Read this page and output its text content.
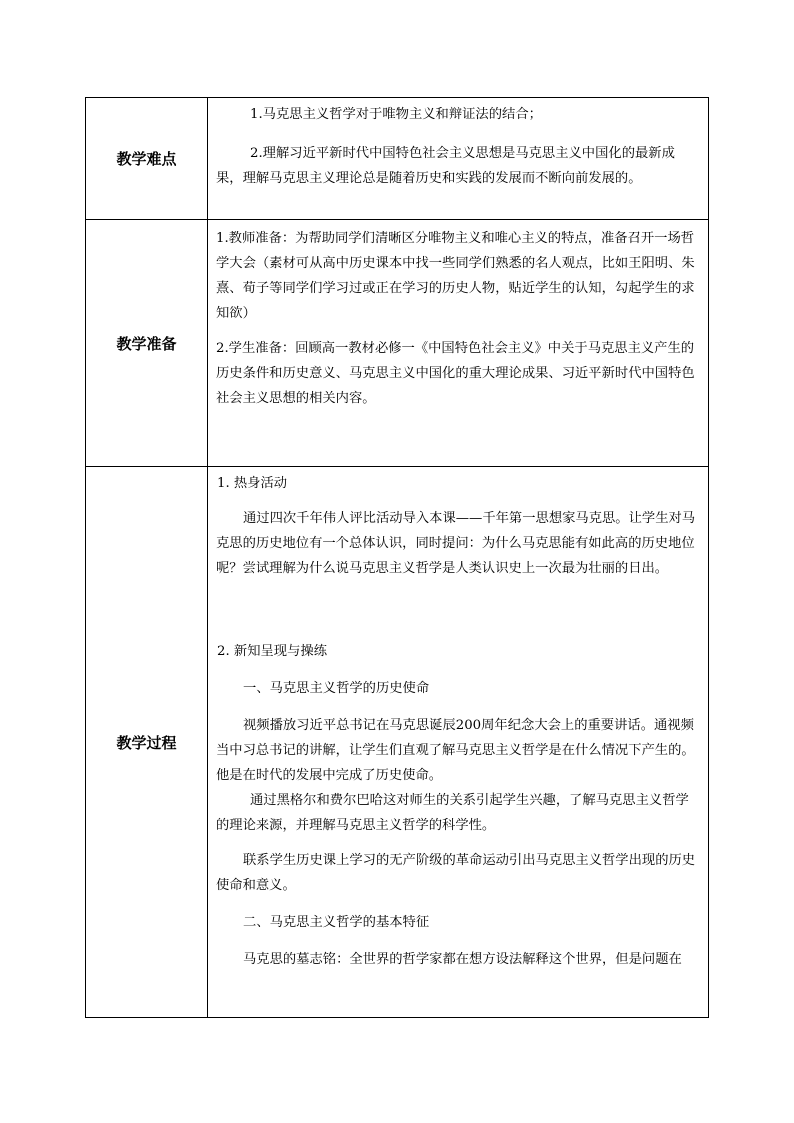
教学难点

1.马克思主义哲学对于唯物主义和辩证法的结合；

2.理解习近平新时代中国特色社会主义思想是马克思主义中国化的最新成果，理解马克思主义理论总是随着历史和实践的发展而不断向前发展的。

教学准备

1.教师准备：为帮助同学们清晰区分唯物主义和唯心主义的特点，准备召开一场哲学大会（素材可从高中历史课本中找一些同学们熟悉的名人观点，比如王阳明、朱熹、荀子等同学们学习过或正在学习的历史人物，贴近学生的认知，勾起学生的求知欲）

2.学生准备：回顾高一教材必修一《中国特色社会主义》中关于马克思主义产生的历史条件和历史意义、马克思主义中国化的重大理论成果、习近平新时代中国特色社会主义思想的相关内容。

教学过程

1. 热身活动

通过四次千年伟人评比活动导入本课——千年第一思想家马克思。让学生对马克思的历史地位有一个总体认识，同时提问：为什么马克思能有如此高的历史地位呢？尝试理解为什么说马克思主义哲学是人类认识史上一次最为壮丽的日出。

2. 新知呈现与操练

一、马克思主义哲学的历史使命

视频播放习近平总书记在马克思诞辰200周年纪念大会上的重要讲话。通视频当中习总书记的讲解，让学生们直观了解马克思主义哲学是在什么情况下产生的。他是在时代的发展中完成了历史使命。

通过黑格尔和费尔巴哈这对师生的关系引起学生兴趣，了解马克思主义哲学的理论来源，并理解马克思主义哲学的科学性。

联系学生历史课上学习的无产阶级的革命运动引出马克思主义哲学出现的历史使命和意义。

二、马克思主义哲学的基本特征

马克思的墓志铭：全世界的哲学家都在想方设法解释这个世界，但是问题在
